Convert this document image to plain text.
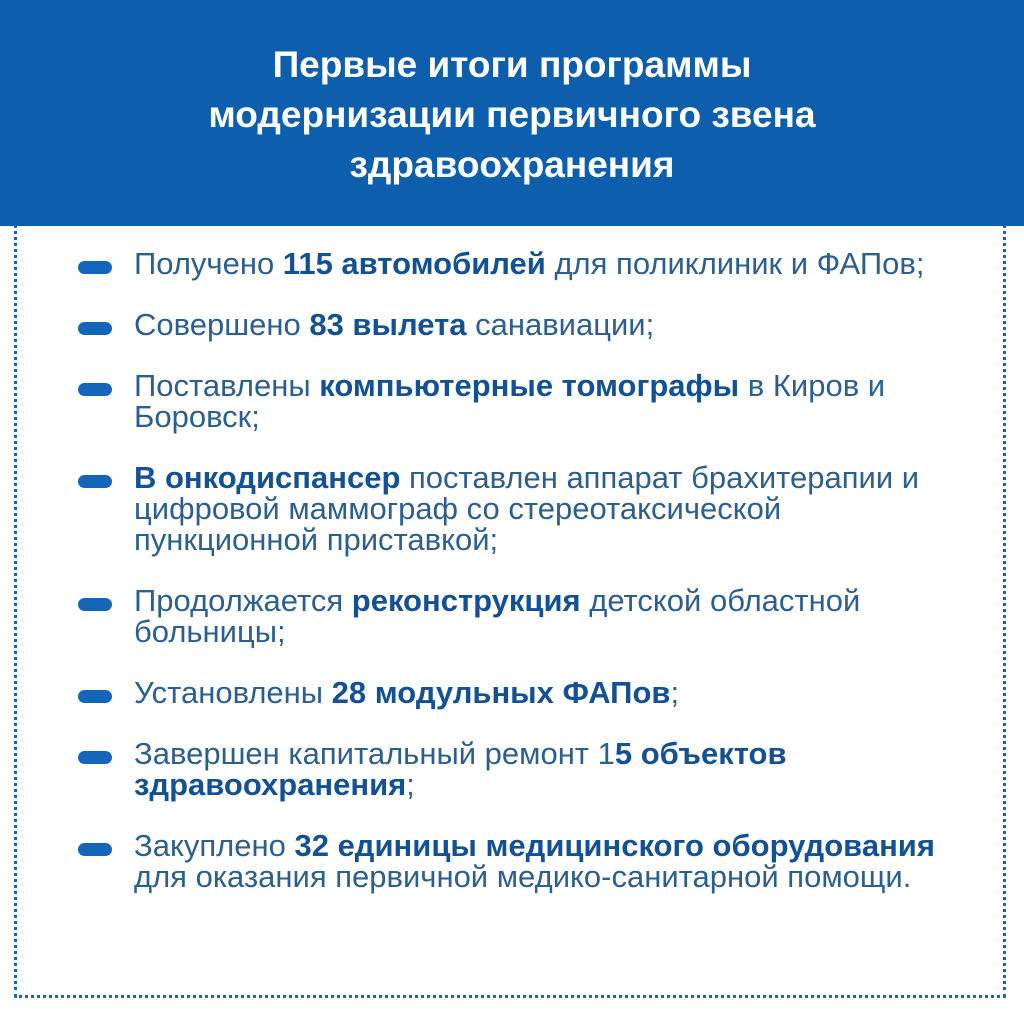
Первые итоги программы
модернизации первичного звена
здравоохранения
Получено 115 автомобилей для поликлиник и ФАПов;
Совершено 83 вылета санавиации;
Поставлены компьютерные томографы в Киров и Боровск;
В онкодиспансер поставлен аппарат брахитерапии и цифровой маммограф со стереотаксической пункционной приставкой;
Продолжается реконструкция детской областной больницы;
Установлены 28 модульных ФАПов;
Завершен капитальный ремонт 15 объектов здравоохранения;
Закуплено 32 единицы медицинского оборудования для оказания первичной медико-санитарной помощи.
